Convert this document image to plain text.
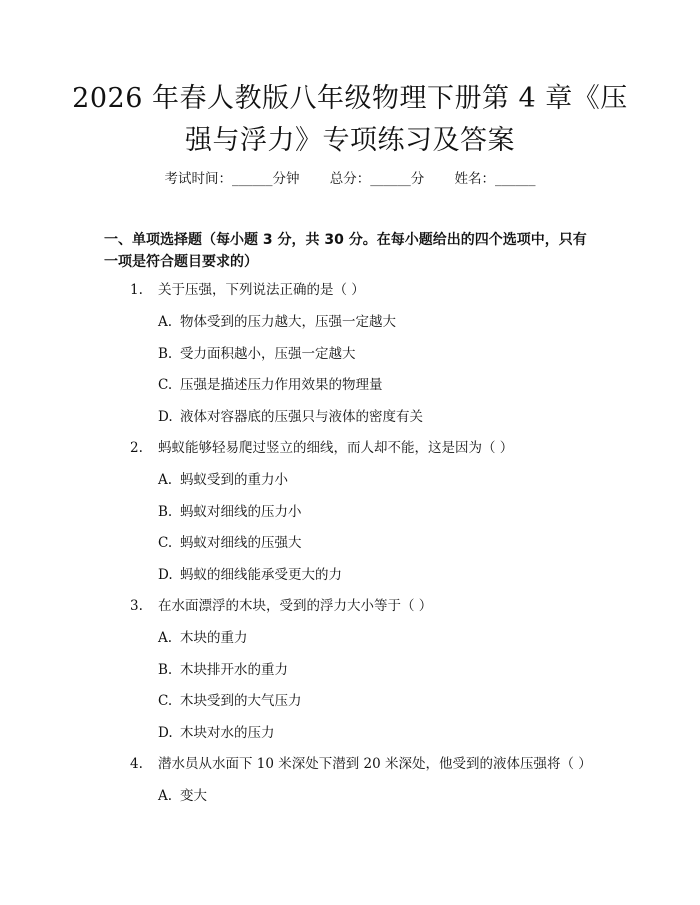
2026 年春人教版八年级物理下册第 4 章《压强与浮力》专项练习及答案
考试时间：______分钟 总分：______分 姓名：______
一、单项选择题（每小题 3 分，共 30 分。在每小题给出的四个选项中，只有一项是符合题目要求的）
1. 关于压强，下列说法正确的是（ ）
A. 物体受到的压力越大，压强一定越大
B. 受力面积越小，压强一定越大
C. 压强是描述压力作用效果的物理量
D. 液体对容器底的压强只与液体的密度有关
2. 蚂蚁能够轻易爬过竖立的细线，而人却不能，这是因为（ ）
A. 蚂蚁受到的重力小
B. 蚂蚁对细线的压力小
C. 蚂蚁对细线的压强大
D. 蚂蚁的细线能承受更大的力
3. 在水面漂浮的木块，受到的浮力大小等于（ ）
A. 木块的重力
B. 木块排开水的重力
C. 木块受到的大气压力
D. 木块对水的压力
4. 潜水员从水面下 10 米深处下潜到 20 米深处，他受到的液体压强将（ ）
A. 变大
